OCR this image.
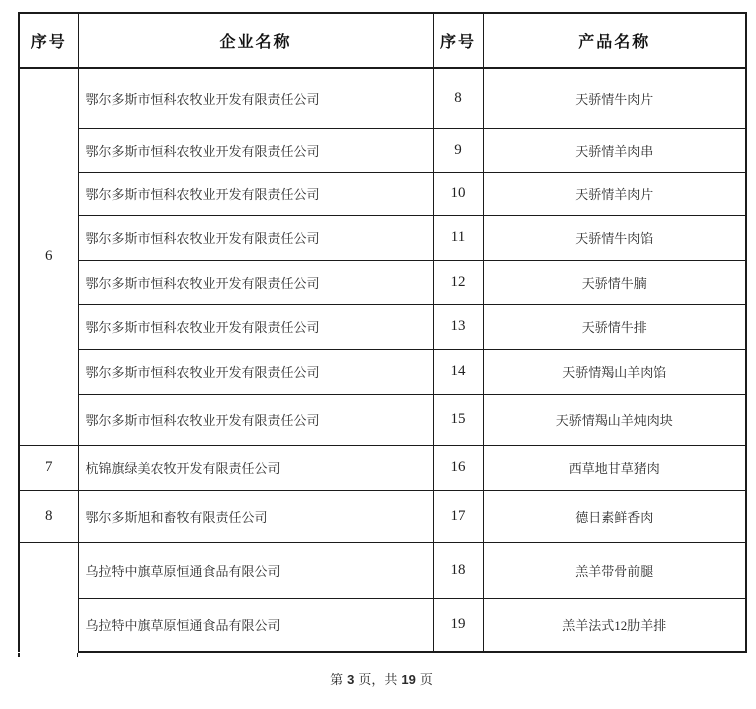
序号	企业名称	序号	产品名称
6	鄂尔多斯市恒科农牧业开发有限责任公司	8	天骄情牛肉片
	鄂尔多斯市恒科农牧业开发有限责任公司	9	天骄情羊肉串
	鄂尔多斯市恒科农牧业开发有限责任公司	10	天骄情羊肉片
	鄂尔多斯市恒科农牧业开发有限责任公司	11	天骄情牛肉馅
	鄂尔多斯市恒科农牧业开发有限责任公司	12	天骄情牛腩
	鄂尔多斯市恒科农牧业开发有限责任公司	13	天骄情牛排
	鄂尔多斯市恒科农牧业开发有限责任公司	14	天骄情羯山羊肉馅
	鄂尔多斯市恒科农牧业开发有限责任公司	15	天骄情羯山羊炖肉块
7	杭锦旗绿美农牧开发有限责任公司	16	西草地甘草猪肉
8	鄂尔多斯旭和畜牧有限责任公司	17	德日素鲜香肉
	乌拉特中旗草原恒通食品有限公司	18	羔羊带骨前腿
	乌拉特中旗草原恒通食品有限公司	19	羔羊法式12肋羊排
第 3 页，共 19 页
